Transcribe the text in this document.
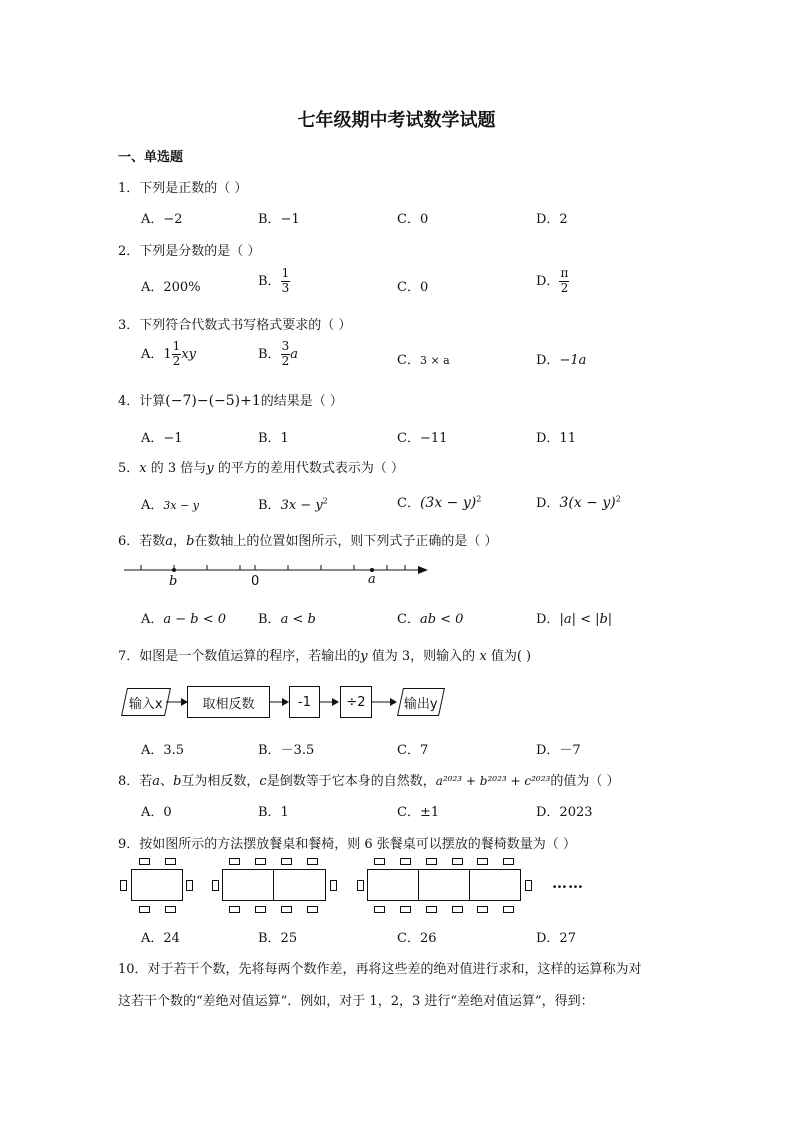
七年级期中考试数学试题
一、单选题
1．下列是正数的（ ）
A．−2	B．−1	C．0	D．2
2．下列是分数的是（ ）
A．200%	B． $\frac{1}{3}$	C．0	D． $\frac{\pi}{2}$
3．下列符合代数式书写格式要求的（ ）
A．$1 \frac{1}{2}$ xy	B． $\frac{3}{2}$ a	C．3 × a	D．−1a
4．计算(−7)−(−5)+1的结果是（ ）
A．−1	B．1	C．−11	D．11
5．x 的 3 倍与y 的平方的差用代数式表示为（ ）
A．3x − y	B．$3x - y^2$	C．$(3x - y)^2$	D．$3(x - y)^2$
6．若数a，b在数轴上的位置如图所示，则下列式子正确的是（ ）
b	0	a
A．a − b < 0 B．a < b	C．ab < 0	D．|a| < |b|
7．如图是一个数值运算的程序，若输出的y 值为 3，则输入的 x 值为( )
输入x	取相反数	-1	÷2	输出y
A．3.5	B．－3.5	C．7	D．－7
8．若a、b互为相反数，c是倒数等于它本身的自然数，a²⁰²³ + b²⁰²³ + c²⁰²³的值为（ ）
A．0	B．1	C．±1	D．2023
9．按如图所示的方法摆放餐桌和餐椅，则 6 张餐桌可以摆放的餐椅数量为（ ）
……
A．24	B．25	C．26	D．27
10．对于若干个数，先将每两个数作差，再将这些差的绝对值进行求和，这样的运算称为对
这若干个数的“差绝对值运算”．例如，对于 1，2，3 进行“差绝对值运算”，得到：
